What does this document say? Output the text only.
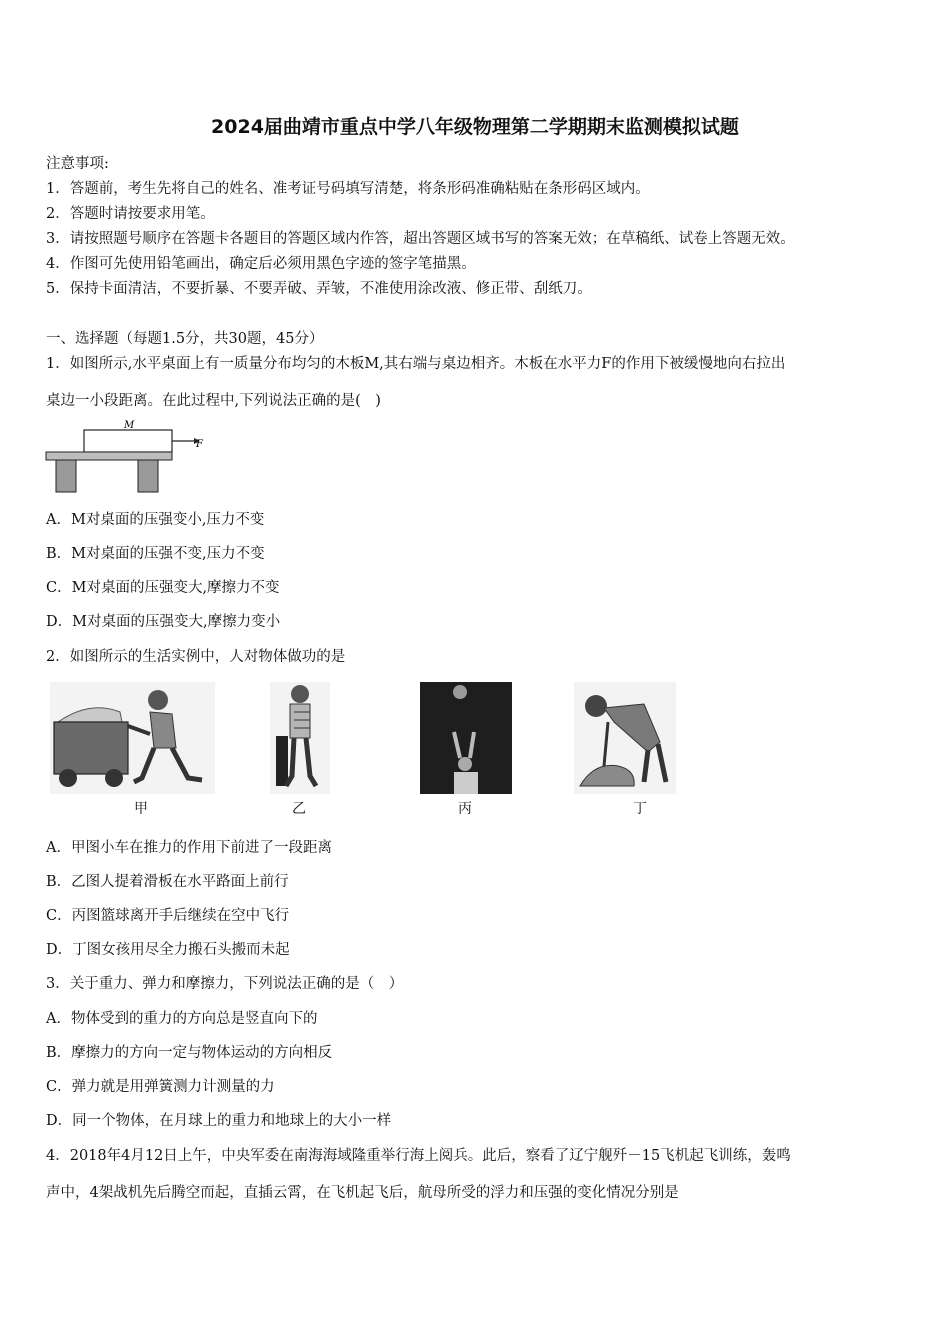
2024届曲靖市重点中学八年级物理第二学期期末监测模拟试题
注意事项:
1．答题前，考生先将自己的姓名、准考证号码填写清楚，将条形码准确粘贴在条形码区域内。
2．答题时请按要求用笔。
3．请按照题号顺序在答题卡各题目的答题区域内作答，超出答题区域书写的答案无效；在草稿纸、试卷上答题无效。
4．作图可先使用铅笔画出，确定后必须用黑色字迹的签字笔描黑。
5．保持卡面清洁，不要折暴、不要弄破、弄皱，不准使用涂改液、修正带、刮纸刀。
一、选择题（每题1.5分，共30题，45分）
1．如图所示,水平桌面上有一质量分布均匀的木板M,其右端与桌边相齐。木板在水平力F的作用下被缓慢地向右拉出
桌边一小段距离。在此过程中,下列说法正确的是(　)
M
F
A．M对桌面的压强变小,压力不变
B．M对桌面的压强不变,压力不变
C．M对桌面的压强变大,摩擦力不变
D．M对桌面的压强变大,摩擦力变小
2．如图所示的生活实例中，人对物体做功的是
甲	乙	丙	丁
A．甲图小车在推力的作用下前进了一段距离
B．乙图人提着滑板在水平路面上前行
C．丙图篮球离开手后继续在空中飞行
D．丁图女孩用尽全力搬石头搬而未起
3．关于重力、弹力和摩擦力，下列说法正确的是（　）
A．物体受到的重力的方向总是竖直向下的
B．摩擦力的方向一定与物体运动的方向相反
C．弹力就是用弹簧测力计测量的力
D．同一个物体，在月球上的重力和地球上的大小一样
4．2018年4月12日上午，中央军委在南海海域隆重举行海上阅兵。此后，察看了辽宁舰歼－15飞机起飞训练，轰鸣
声中，4架战机先后腾空而起，直插云霄，在飞机起飞后，航母所受的浮力和压强的变化情况分别是
